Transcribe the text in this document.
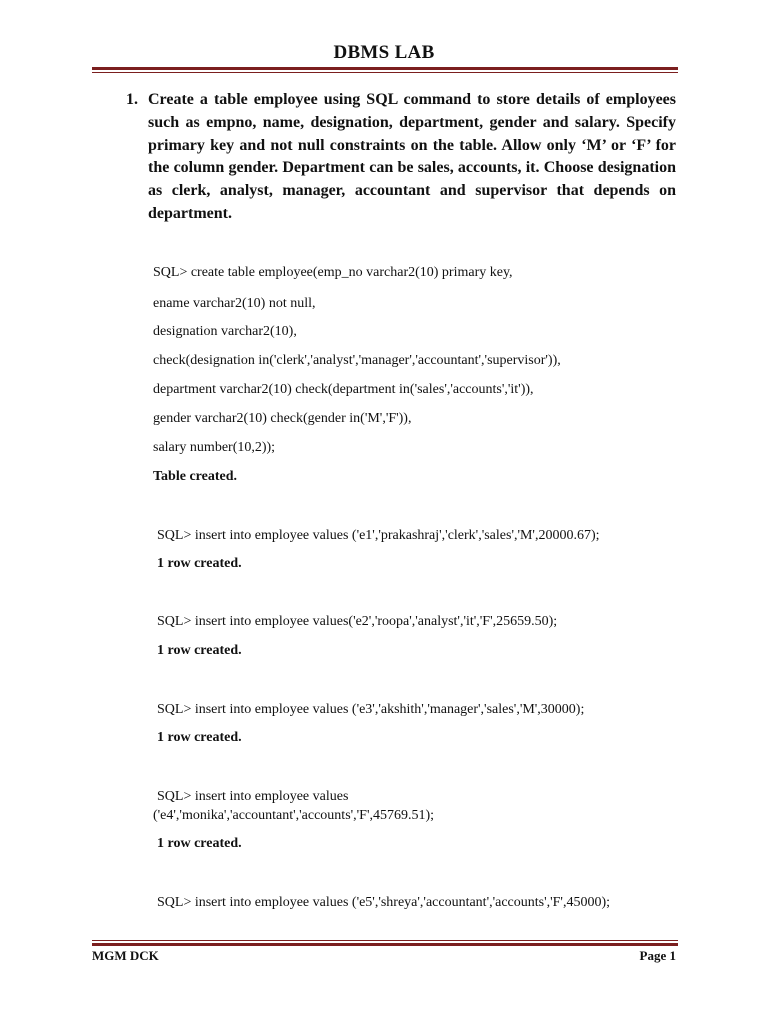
DBMS LAB
1. Create a table employee using SQL command to store details of employees such as empno, name, designation, department, gender and salary. Specify primary key and not null constraints on the table. Allow only ‘M’ or ‘F’ for the column gender. Department can be sales, accounts, it. Choose designation as clerk, analyst, manager, accountant and supervisor that depends on department.
SQL> create table employee(emp_no varchar2(10) primary key,
ename varchar2(10) not null,
designation varchar2(10),
check(designation in('clerk','analyst','manager','accountant','supervisor')),
department varchar2(10) check(department in('sales','accounts','it')),
gender varchar2(10) check(gender in('M','F')),
salary number(10,2));
Table created.
SQL> insert into employee values ('e1','prakashraj','clerk','sales','M',20000.67);
1 row created.
SQL> insert into employee values('e2','roopa','analyst','it','F',25659.50);
1 row created.
SQL> insert into employee values ('e3','akshith','manager','sales','M',30000);
1 row created.
SQL> insert into employee values
('e4','monika','accountant','accounts','F',45769.51);
1 row created.
SQL> insert into employee values ('e5','shreya','accountant','accounts','F',45000);
MGM DCK	Page 1
